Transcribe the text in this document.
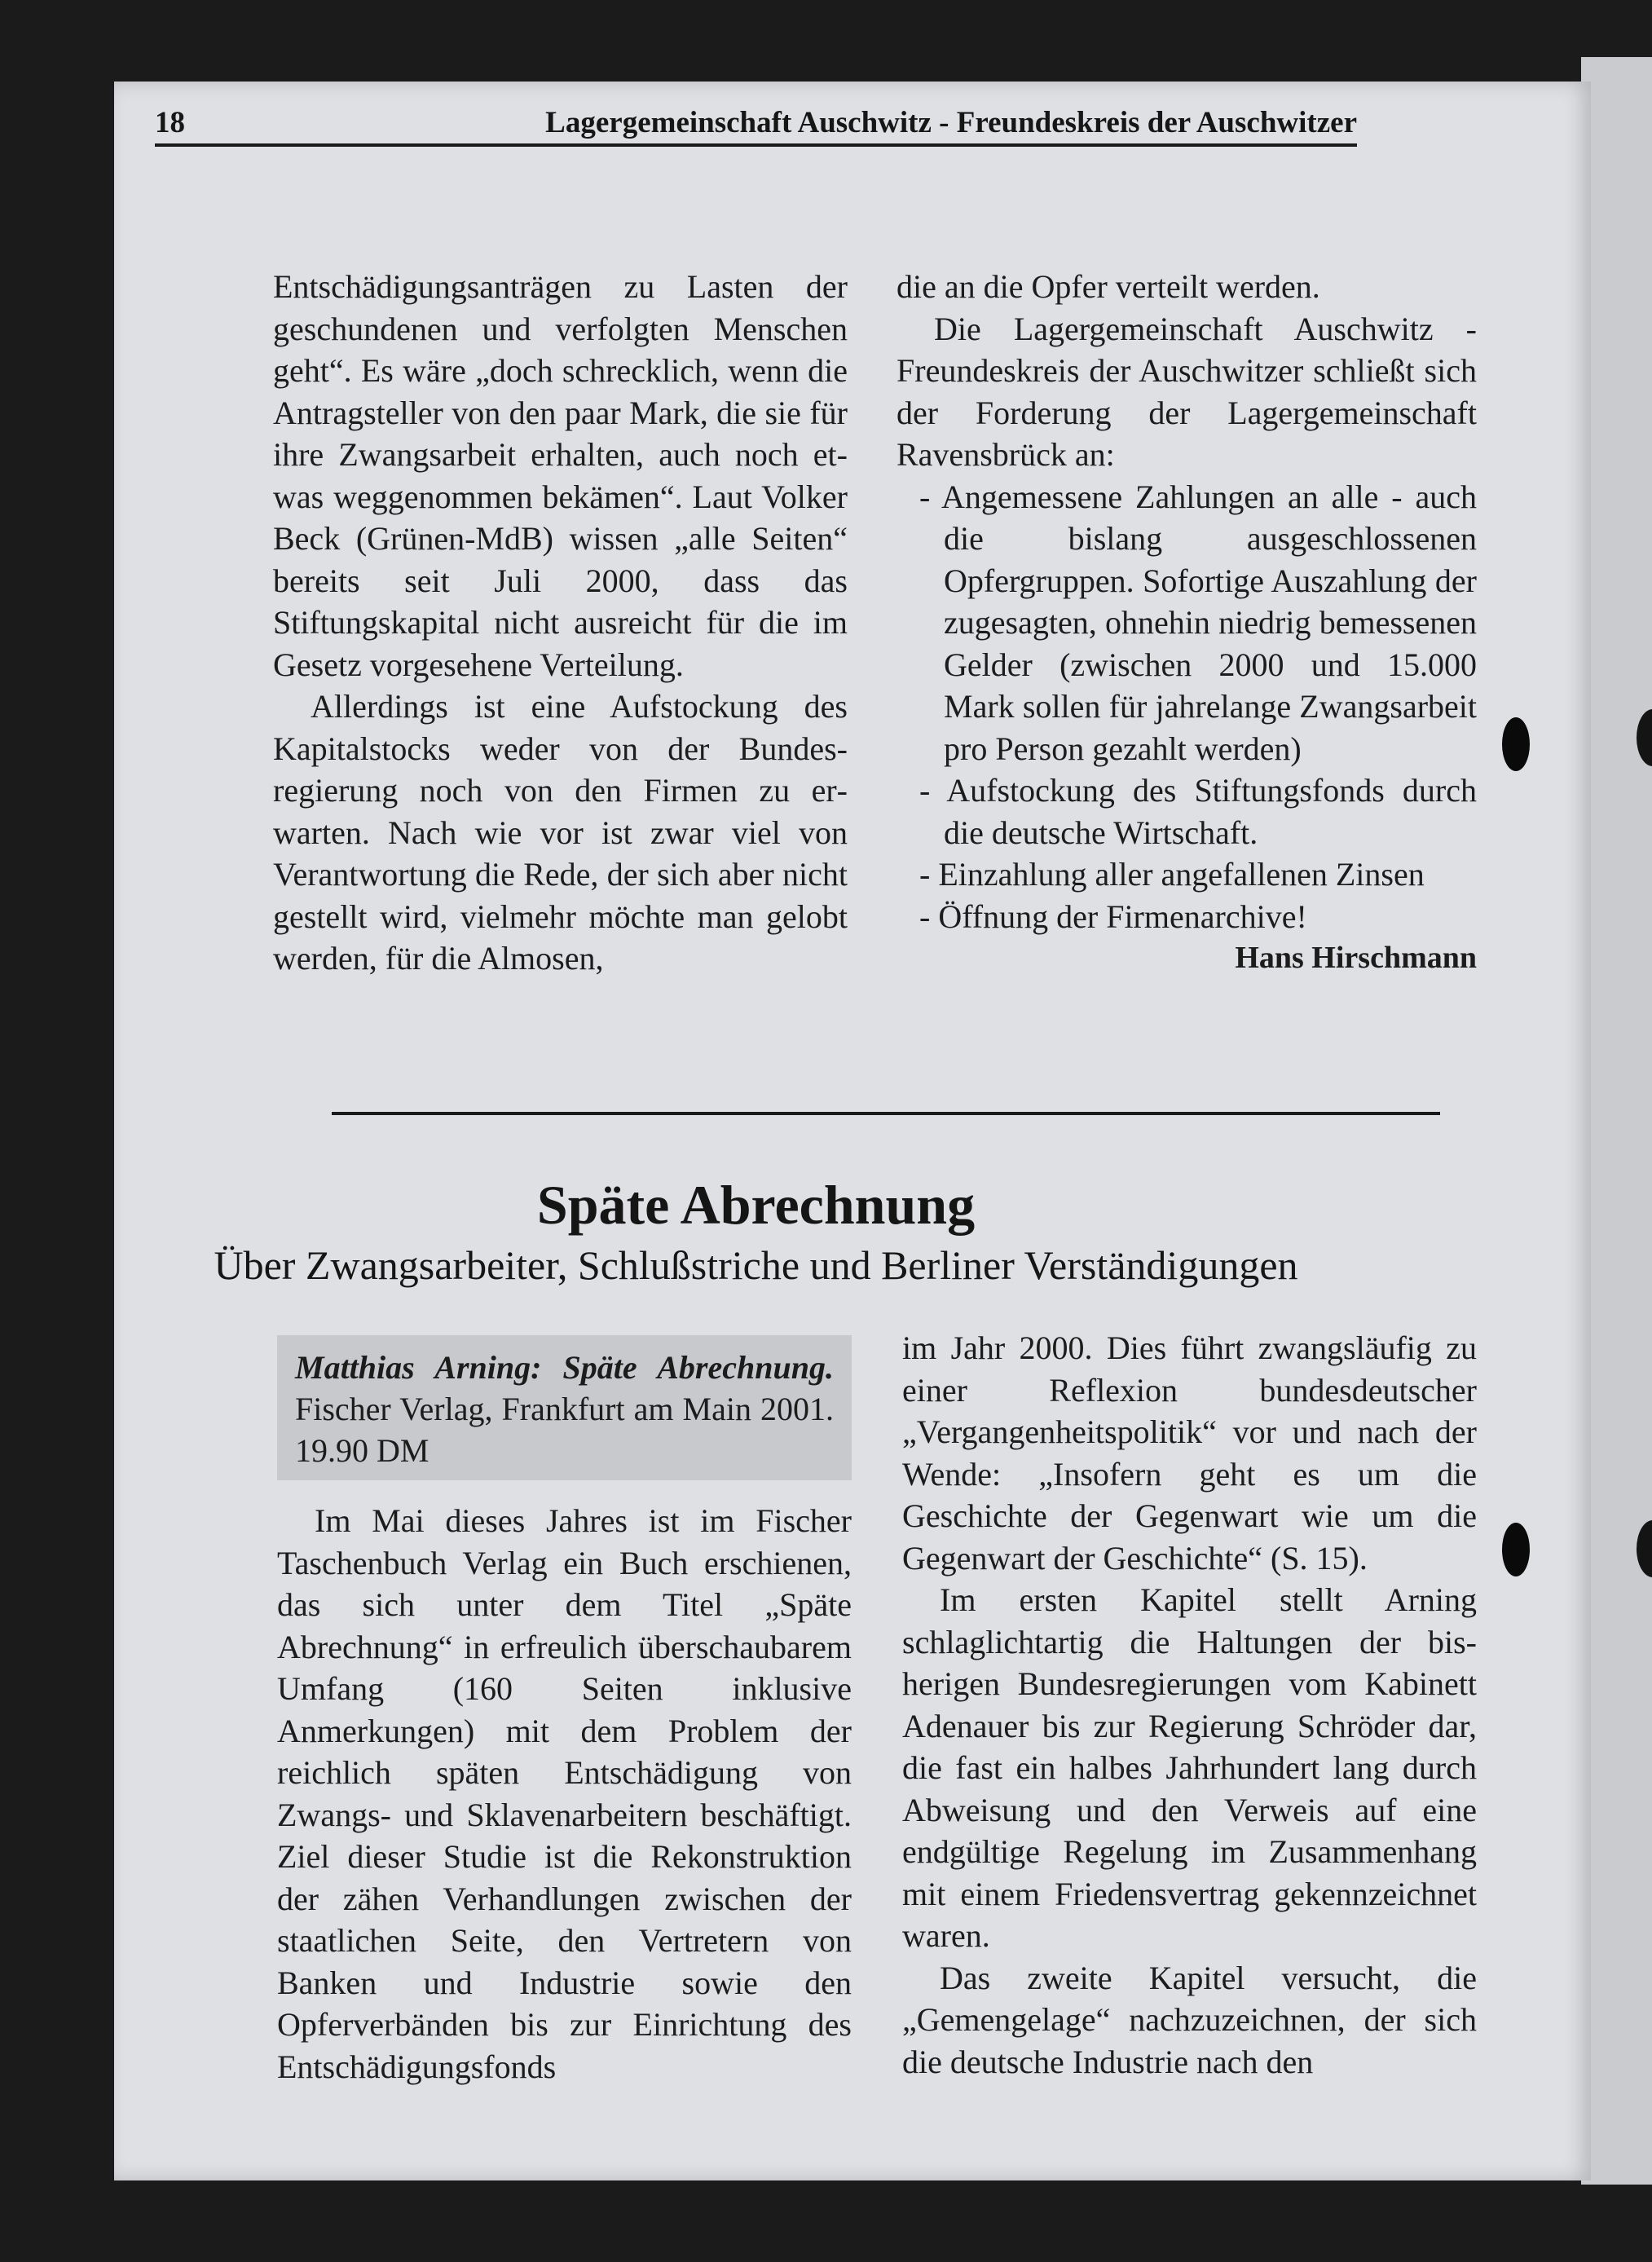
18	Lagergemeinschaft Auschwitz - Freundeskreis der Auschwitzer

Entschädigungsanträgen zu Lasten der geschundenen und verfolgten Menschen geht“. Es wäre „doch schrecklich, wenn die Antragsteller von den paar Mark, die sie für ihre Zwangsarbeit erhalten, auch noch etwas weggenommen bekämen“. Laut Volker Beck (Grünen-MdB) wissen „alle Seiten“ bereits seit Juli 2000, dass das Stiftungskapital nicht ausreicht für die im Gesetz vorgesehene Verteilung.

Allerdings ist eine Aufstockung des Kapitalstocks weder von der Bundesregierung noch von den Firmen zu erwarten. Nach wie vor ist zwar viel von Verantwortung die Rede, der sich aber nicht gestellt wird, vielmehr möchte man gelobt werden, für die Almosen,

die an die Opfer verteilt werden.

Die Lagergemeinschaft Auschwitz - Freundeskreis der Auschwitzer schließt sich der Forderung der Lagergemeinschaft Ravensbrück an:

- Angemessene Zahlungen an alle - auch die bislang ausgeschlossenen Opfergruppen. Sofortige Auszahlung der zugesagten, ohnehin niedrig bemessenen Gelder (zwischen 2000 und 15.000 Mark sollen für jahrelange Zwangsarbeit pro Person gezahlt werden)

- Aufstockung des Stiftungsfonds durch die deutsche Wirtschaft.

- Einzahlung aller angefallenen Zinsen

- Öffnung der Firmenarchive!

Hans Hirschmann

Späte Abrechnung
Über Zwangsarbeiter, Schlußstriche und Berliner Verständigungen
Matthias Arning: Späte Abrechnung. Fischer Verlag, Frankfurt am Main 2001. 19.90 DM

Im Mai dieses Jahres ist im Fischer Taschenbuch Verlag ein Buch erschienen, das sich unter dem Titel „Späte Abrechnung“ in erfreulich überschaubarem Umfang (160 Seiten inklusive Anmerkungen) mit dem Problem der reichlich späten Entschädigung von Zwangs- und Sklavenarbeitern beschäftigt. Ziel dieser Studie ist die Rekonstruktion der zähen Verhandlungen zwischen der staatlichen Seite, den Vertretern von Banken und Industrie sowie den Opferverbänden bis zur Einrichtung des Entschädigungsfonds

im Jahr 2000. Dies führt zwangsläufig zu einer Reflexion bundesdeutscher „Vergangenheitspolitik“ vor und nach der Wende: „Insofern geht es um die Geschichte der Gegenwart wie um die Gegenwart der Geschichte“ (S. 15).

Im ersten Kapitel stellt Arning schlaglichtartig die Haltungen der bisherigen Bundesregierungen vom Kabinett Adenauer bis zur Regierung Schröder dar, die fast ein halbes Jahrhundert lang durch Abweisung und den Verweis auf eine endgültige Regelung im Zusammenhang mit einem Friedensvertrag gekennzeichnet waren.

Das zweite Kapitel versucht, die „Gemengelage“ nachzuzeichnen, der sich die deutsche Industrie nach den
